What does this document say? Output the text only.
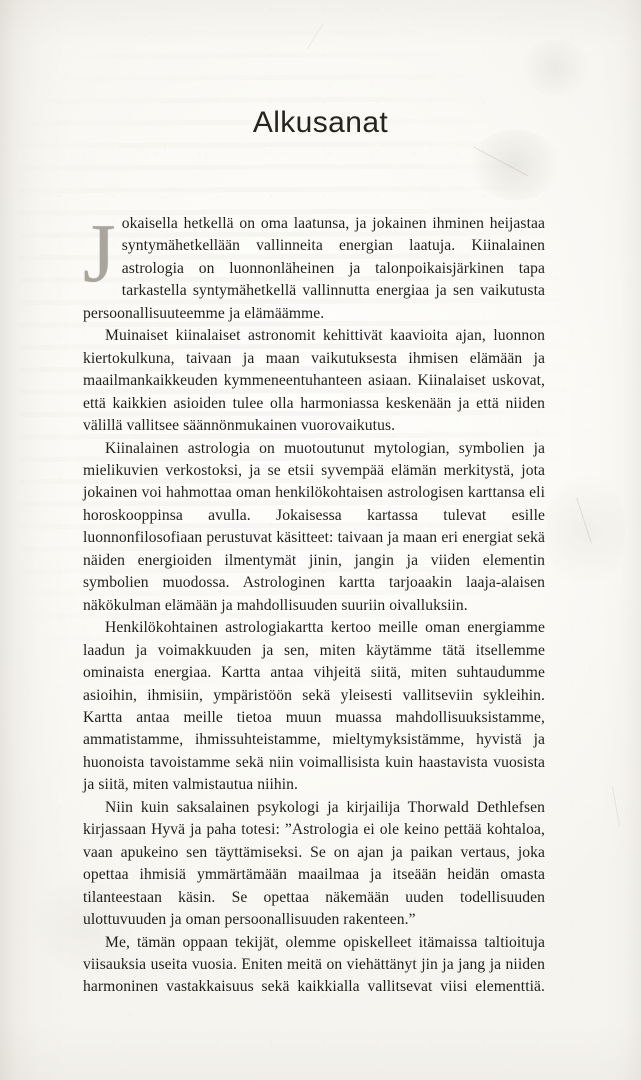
Alkusanat

Jokaisella hetkellä on oma laatunsa, ja jokainen ihminen heijastaa syntymähetkellään vallinneita energian laatuja. Kiinalainen astrologia on luonnonläheinen ja talonpoikaisjärkinen tapa tarkastella syntymähetkellä vallinnutta energiaa ja sen vaikutusta persoonallisuuteemme ja elämäämme.

Muinaiset kiinalaiset astronomit kehittivät kaavioita ajan, luonnon kiertokulkuna, taivaan ja maan vaikutuksesta ihmisen elämään ja maailmankaikkeuden kymmeneentuhanteen asiaan. Kiinalaiset uskovat, että kaikkien asioiden tulee olla harmoniassa keskenään ja että niiden välillä vallitsee säännönmukainen vuorovaikutus.

Kiinalainen astrologia on muotoutunut mytologian, symbolien ja mielikuvien verkostoksi, ja se etsii syvempää elämän merkitystä, jota jokainen voi hahmottaa oman henkilökohtaisen astrologisen karttansa eli horoskooppinsa avulla. Jokaisessa kartassa tulevat esille luonnonfilosofiaan perustuvat käsitteet: taivaan ja maan eri energiat sekä näiden energioiden ilmentymät jinin, jangin ja viiden elementin symbolien muodossa. Astrologinen kartta tarjoaakin laaja-alaisen näkökulman elämään ja mahdollisuuden suuriin oivalluksiin.

Henkilökohtainen astrologiakartta kertoo meille oman energiamme laadun ja voimakkuuden ja sen, miten käytämme tätä itsellemme ominaista energiaa. Kartta antaa vihjeitä siitä, miten suhtaudumme asioihin, ihmisiin, ympäristöön sekä yleisesti vallitseviin sykleihin. Kartta antaa meille tietoa muun muassa mahdollisuuksistamme, ammatistamme, ihmissuhteistamme, mieltymyksistämme, hyvistä ja huonoista tavoistamme sekä niin voimallisista kuin haastavista vuosista ja siitä, miten valmistautua niihin.

Niin kuin saksalainen psykologi ja kirjailija Thorwald Dethlefsen kirjassaan Hyvä ja paha totesi: ”Astrologia ei ole keino pettää kohtaloa, vaan apukeino sen täyttämiseksi. Se on ajan ja paikan vertaus, joka opettaa ihmisiä ymmärtämään maailmaa ja itseään heidän omasta tilanteestaan käsin. Se opettaa näkemään uuden todellisuuden ulottuvuuden ja oman persoonallisuuden rakenteen.”

Me, tämän oppaan tekijät, olemme opiskelleet itämaissa taltioituja viisauksia useita vuosia. Eniten meitä on viehättänyt jin ja jang ja niiden harmoninen vastakkaisuus sekä kaikkialla vallitsevat viisi elementtiä.
